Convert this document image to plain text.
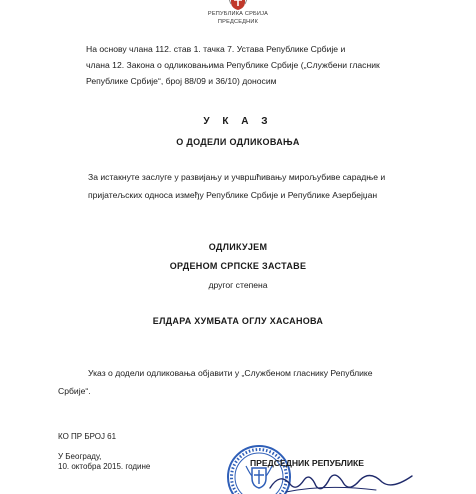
РЕПУБЛИКА СРБИЈА
ПРЕДСЕДНИК
На основу члана 112. став 1. тачка 7. Устава Републике Србије и
члана 12. Закона о одликовањима Републике Србије („Службени гласник
Републике Србије“, број 88/09 и 36/10) доносим
У К А З
О ДОДЕЛИ ОДЛИКОВАЊА
За истакнуте заслуге у развијању и учвршћивању мирољубиве сарадње и
пријатељских односа између Републике Србије и Републике Азербејџан
ОДЛИКУЈЕМ
ОРДЕНОМ СРПСКЕ ЗАСТАВЕ
другог степена
ЕЛДАРА ХУМБАТА ОГЛУ ХАСАНОВА
Указ о додели одликовања објавити у „Службеном гласнику Републике
Србије“.
КО ПР БРОЈ 61
У Београду,
10. октобра 2015. године	ПРЕДСЕДНИК РЕПУБЛИКЕ
